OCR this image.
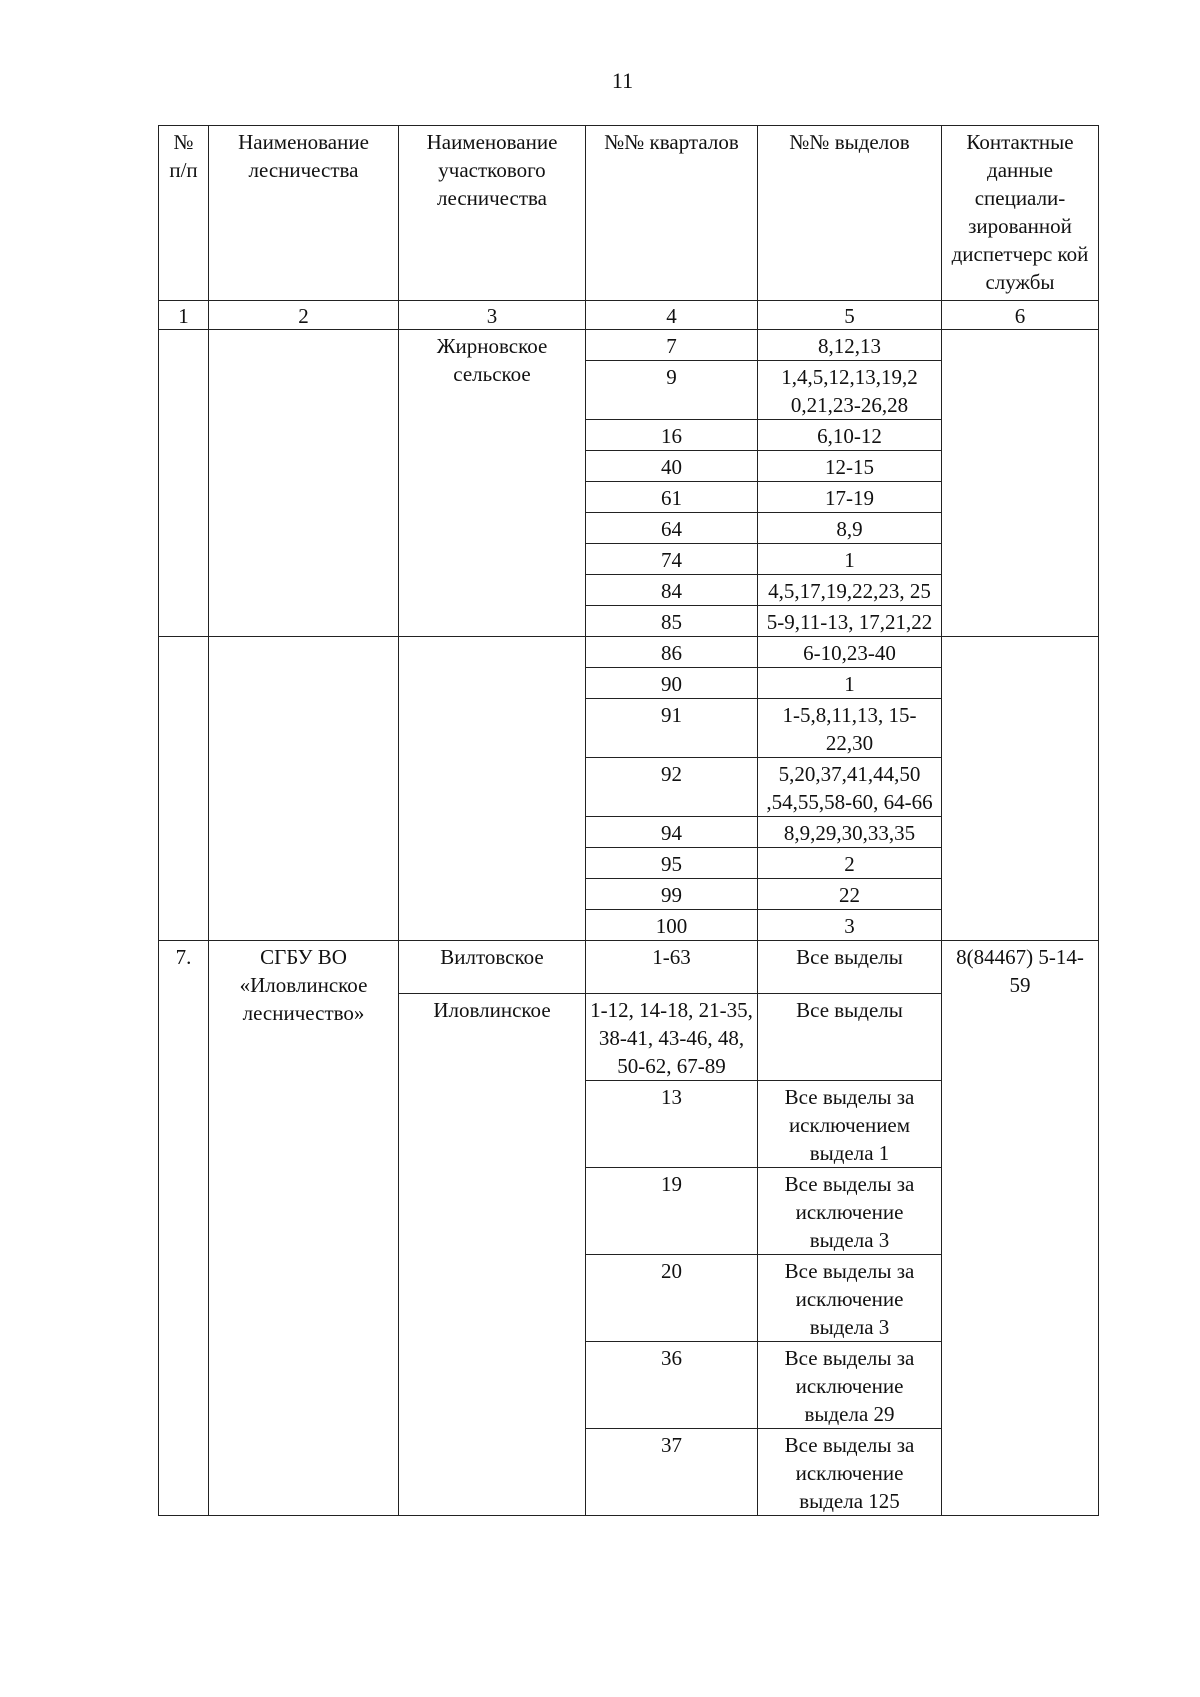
11
№ п/п	Наименование лесничества	Наименование участкового лесничества	№№ кварталов	№№ выделов	Контактные данные специали-зированной диспетчерс кой службы
1	2	3	4	5	6
		Жирновское сельское	7	8,12,13	
			9	1,4,5,12,13,19,2 0,21,23-26,28	
			16	6,10-12	
			40	12-15	
			61	17-19	
			64	8,9	
			74	1	
			84	4,5,17,19,22,23, 25	
			85	5-9,11-13, 17,21,22	
			86	6-10,23-40	
			90	1	
			91	1-5,8,11,13, 15-22,30	
			92	5,20,37,41,44,50 ,54,55,58-60, 64-66	
			94	8,9,29,30,33,35	
			95	2	
			99	22	
			100	3	
7.	СГБУ ВО «Иловлинское лесничество»	Вилтовское	1-63	Все выделы	8(84467) 5-14-59
		Иловлинское	1-12, 14-18, 21-35, 38-41, 43-46, 48, 50-62, 67-89	Все выделы	
			13	Все выделы за исключением выдела 1	
			19	Все выделы за исключение выдела 3	
			20	Все выделы за исключение выдела 3	
			36	Все выделы за исключение выдела 29	
			37	Все выделы за исключение выдела 125	
